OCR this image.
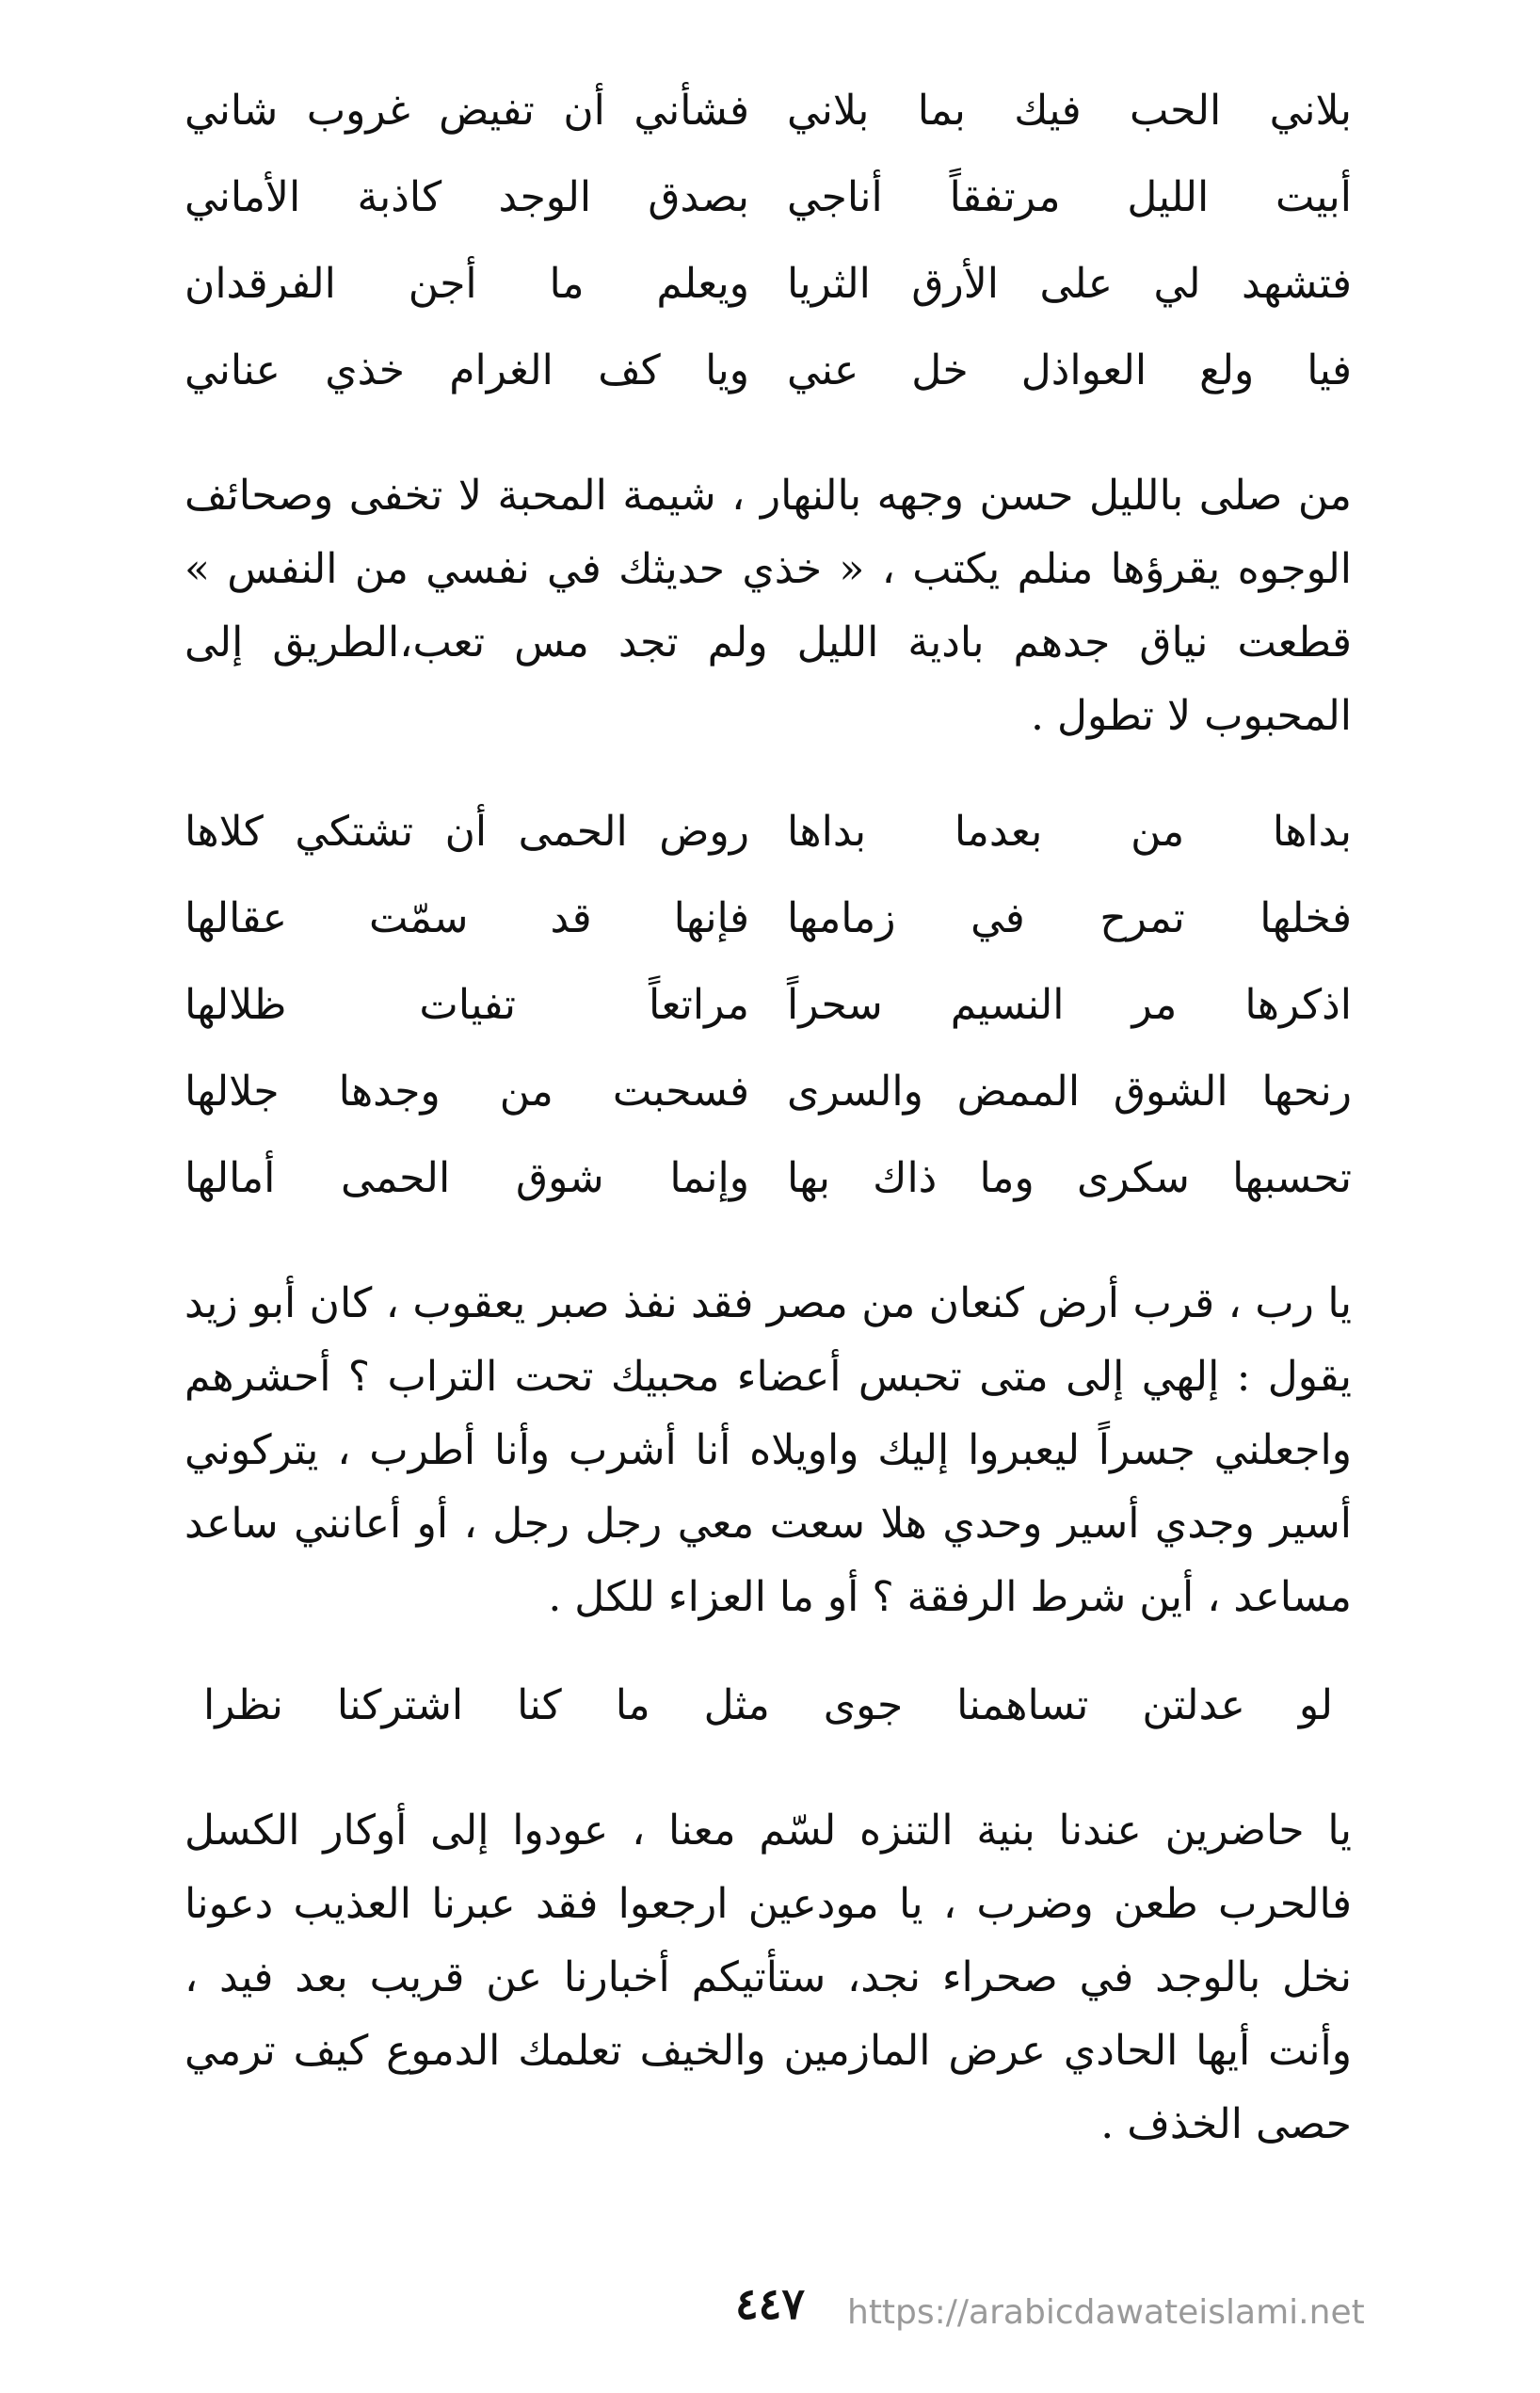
بلاني الحب فيك بما بلاني
فشأني أن تفيض غروب شاني
أبيت الليل مرتفقاً أناجي
بصدق الوجد كاذبة الأماني
فتشهد لي على الأرق الثريا
ويعلم ما أجن الفرقدان
فيا ولع العواذل خل عني
ويا كف الغرام خذي عناني

من صلى بالليل حسن وجهه بالنهار ، شيمة المحبة لا تخفى وصحائف الوجوه يقرؤها منلم يكتب ، « خذي حديثك في نفسي من النفس » قطعت نياق جدهم بادية الليل ولم تجد مس تعب،الطريق إلى المحبوب لا تطول .

بداها من بعدما بداها
روض الحمى أن تشتكي كلاها
فخلها تمرح في زمامها
فإنها قد سمّت عقالها
اذكرها مر النسيم سحراً
مراتعاً تفيات ظلالها
رنحها الشوق الممض والسرى
فسحبت من وجدها جلالها
تحسبها سكرى وما ذاك بها
وإنما شوق الحمى أمالها

يا رب ، قرب أرض كنعان من مصر فقد نفذ صبر يعقوب ، كان أبو زيد يقول : إلهي إلى متى تحبس أعضاء محبيك تحت التراب ؟ أحشرهم واجعلني جسراً ليعبروا إليك واويلاه أنا أشرب وأنا أطرب ، يتركوني أسير وجدي أسير وحدي هلا سعت معي رجل رجل ، أو أعانني ساعد مساعد ، أين شرط الرفقة ؟ أو ما العزاء للكل .

لو عدلتن تساهمنا جوى مثل ما كنا اشتركنا نظرا

يا حاضرين عندنا بنية التنزه لسّم معنا ، عودوا إلى أوكار الكسل فالحرب طعن وضرب ، يا مودعين ارجعوا فقد عبرنا العذيب دعونا نخل بالوجد في صحراء نجد، ستأتيكم أخبارنا عن قريب بعد فيد ، وأنت أيها الحادي عرض المازمين والخيف تعلمك الدموع كيف ترمي حصى الخذف .

٤٤٧	https://arabicdawateislami.net
